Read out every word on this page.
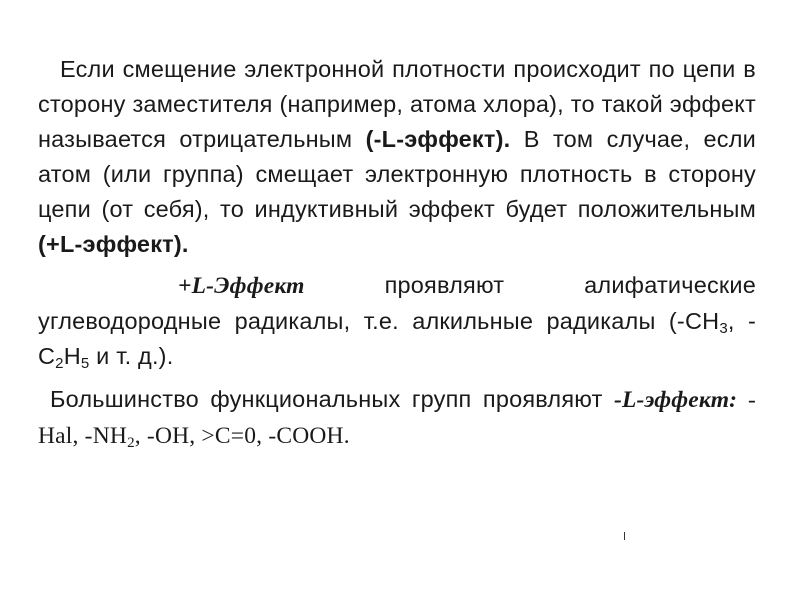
Если смещение электронной плотности происходит по цепи в сторону заместителя (например, атома хлора), то такой эффект называется отрицательным (-L-эффект). В том случае, если атом (или группа) смещает электронную плотность в сторону цепи (от себя), то индуктивный эффект будет положительным (+L-эффект).

+L-Эффект проявляют алифатические углеводородные радикалы, т.е. алкильные радикалы ($-CH_3$, $-C_2H_5$ и т. д.).

Большинство функциональных групп проявляют -L-эффект: -Hal, $-NH_2$, -OH, >C=0, -COOH.
